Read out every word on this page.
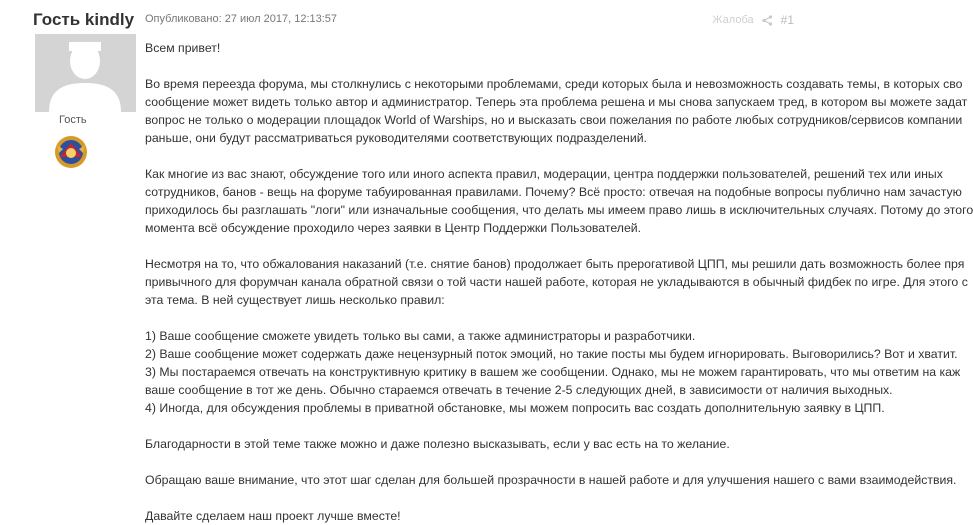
Гость kindly
Гость
Опубликовано: 27 июл 2017, 12:13:57	Жалоба #1

Всем привет!

Во время переезда форума, мы столкнулись с некоторыми проблемами, среди которых была и невозможность создавать темы, в которых сво

сообщение может видеть только автор и администратор. Теперь эта проблема решена и мы снова запускаем тред, в котором вы можете задат

вопрос не только о модерации площадок World of Warships, но и высказать свои пожелания по работе любых сотрудников/сервисов компании

раньше, они будут рассматриваться руководителями соответствующих подразделений.

Как многие из вас знают, обсуждение того или иного аспекта правил, модерации, центра поддержки пользователей, решений тех или иных

сотрудников, банов - вещь на форуме табуированная правилами. Почему? Всё просто: отвечая на подобные вопросы публично нам зачастую

приходилось бы разглашать "логи" или изначальные сообщения, что делать мы имеем право лишь в исключительных случаях. Потому до этого

момента всё обсуждение проходило через заявки в Центр Поддержки Пользователей.

Несмотря на то, что обжалования наказаний (т.е. снятие банов) продолжает быть прерогативой ЦПП, мы решили дать возможность более пря

привычного для форумчан канала обратной связи о той части нашей работе, которая не укладываются в обычный фидбек по игре. Для этого с

эта тема. В ней существует лишь несколько правил:

1) Ваше сообщение сможете увидеть только вы сами, а также администраторы и разработчики.

2) Ваше сообщение может содержать даже нецензурный поток эмоций, но такие посты мы будем игнорировать. Выговорились? Вот и хватит.

3) Мы постараемся отвечать на конструктивную критику в вашем же сообщении. Однако, мы не можем гарантировать, что мы ответим на каж

ваше сообщение в тот же день. Обычно стараемся отвечать в течение 2-5 следующих дней, в зависимости от наличия выходных.

4) Иногда, для обсуждения проблемы в приватной обстановке, мы можем попросить вас создать дополнительную заявку в ЦПП.

Благодарности в этой теме также можно и даже полезно высказывать, если у вас есть на то желание.

Обращаю ваше внимание, что этот шаг сделан для большей прозрачности в нашей работе и для улучшения нашего с вами взаимодействия.

Давайте сделаем наш проект лучше вместе!
